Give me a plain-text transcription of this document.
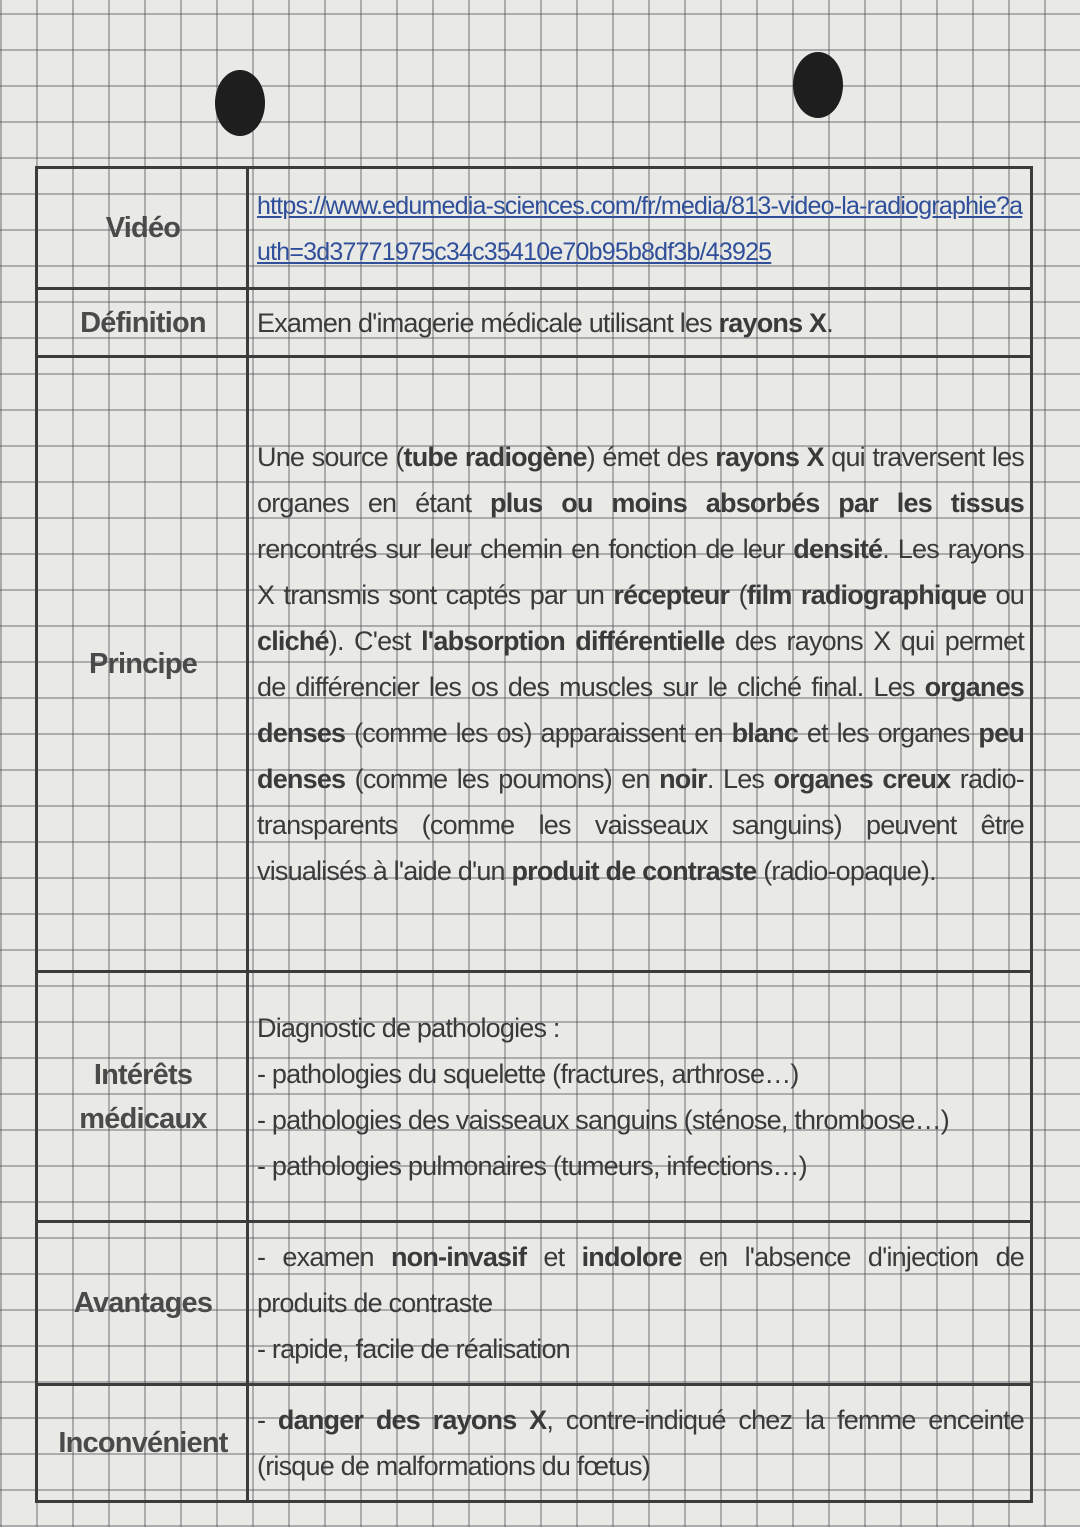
Vidéo	https://www.edumedia-sciences.com/fr/media/813-video-la-radiographie?auth=3d37771975c34c35410e70b95b8df3b/43925
Définition	Examen d'imagerie médicale utilisant les rayons X.

Principe	Une source (tube radiogène) émet des rayons X qui traversent les organes en étant plus ou moins absorbés par les tissus rencontrés sur leur chemin en fonction de leur densité. Les rayons X transmis sont captés par un récepteur (film radiographique ou cliché). C'est l'absorption différentielle des rayons X qui permet de différencier les os des muscles sur le cliché final. Les organes denses (comme les os) apparaissent en blanc et les organes peu denses (comme les poumons) en noir. Les organes creux radio-transparents (comme les vaisseaux sanguins) peuvent être visualisés à l'aide d'un produit de contraste (radio-opaque).

Intérêts médicaux	Diagnostic de pathologies :
- pathologies du squelette (fractures, arthrose…)
- pathologies des vaisseaux sanguins (sténose, thrombose…)
- pathologies pulmonaires (tumeurs, infections…)

Avantages	- examen non-invasif et indolore en l'absence d'injection de produits de contraste
- rapide, facile de réalisation

Inconvénient	- danger des rayons X, contre-indiqué chez la femme enceinte (risque de malformations du fœtus)
